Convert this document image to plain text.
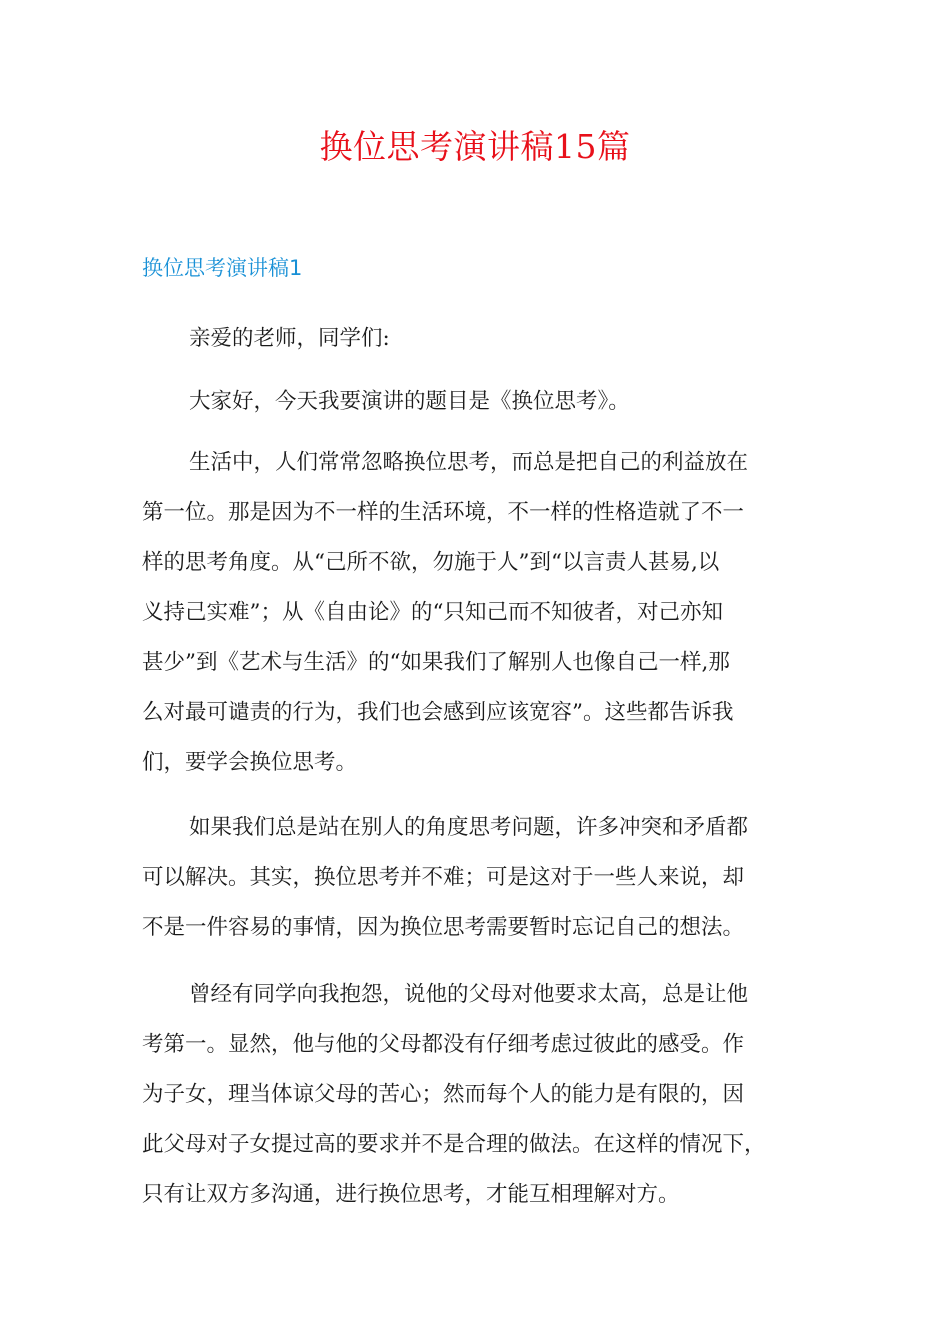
换位思考演讲稿15篇
换位思考演讲稿1
亲爱的老师，同学们:
大家好，今天我要演讲的题目是《换位思考》。
生活中，人们常常忽略换位思考，而总是把自己的利益放在
第一位。那是因为不一样的生活环境，不一样的性格造就了不一
样的思考角度。从“己所不欲，勿施于人”到“以言责人甚易,以
义持己实难”；从《自由论》的“只知己而不知彼者，对己亦知
甚少”到《艺术与生活》的“如果我们了解别人也像自己一样,那
么对最可谴责的行为，我们也会感到应该宽容”。这些都告诉我
们，要学会换位思考。
如果我们总是站在别人的角度思考问题，许多冲突和矛盾都
可以解决。其实，换位思考并不难；可是这对于一些人来说，却
不是一件容易的事情，因为换位思考需要暂时忘记自己的想法。
曾经有同学向我抱怨，说他的父母对他要求太高，总是让他
考第一。显然，他与他的父母都没有仔细考虑过彼此的感受。作
为子女，理当体谅父母的苦心；然而每个人的能力是有限的，因
此父母对子女提过高的要求并不是合理的做法。在这样的情况下，
只有让双方多沟通，进行换位思考，才能互相理解对方。
